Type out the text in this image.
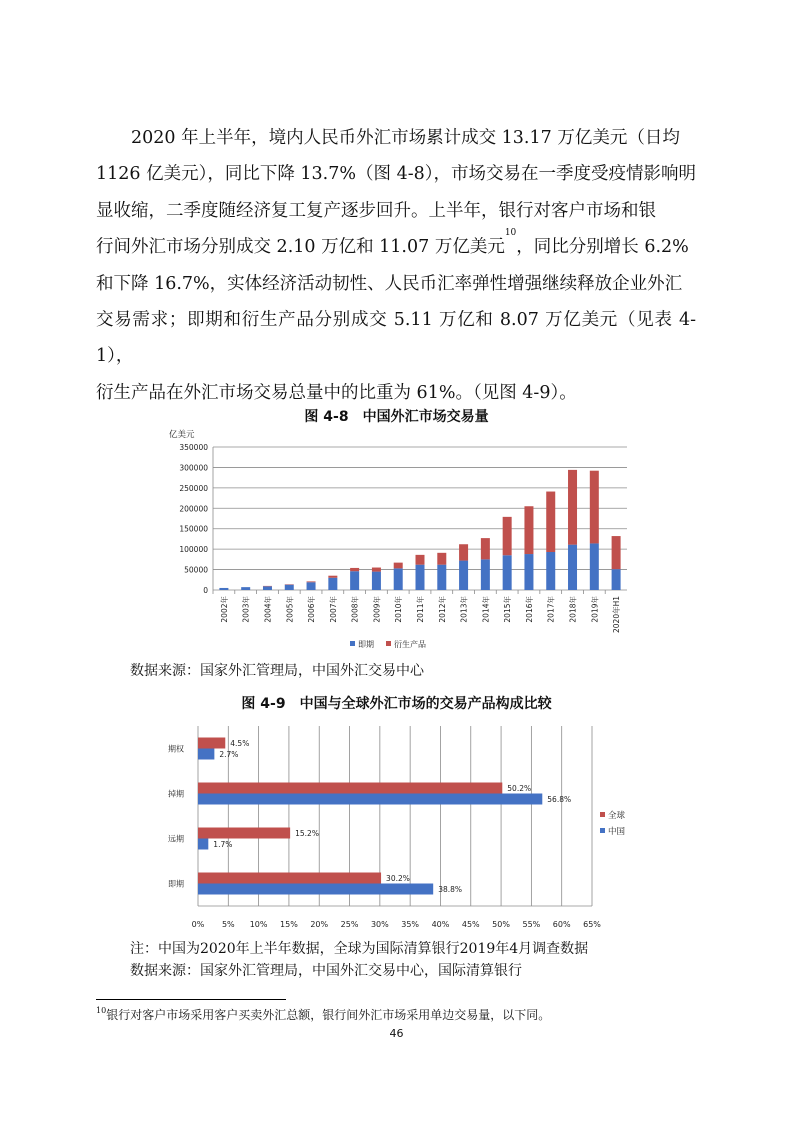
2020 年上半年，境内人民币外汇市场累计成交 13.17 万亿美元（日均
1126 亿美元），同比下降 13.7%（图 4-8），市场交易在一季度受疫情影响明
显收缩，二季度随经济复工复产逐步回升。上半年，银行对客户市场和银
行间外汇市场分别成交 2.10 万亿和 11.07 万亿美元$^{10}$，同比分别增长 6.2%
和下降 16.7%，实体经济活动韧性、人民币汇率弹性增强继续释放企业外汇
交易需求；即期和衍生产品分别成交 5.11 万亿和 8.07 万亿美元（见表 4-1），
衍生产品在外汇市场交易总量中的比重为 61%。（见图 4-9）。

图 4-8　中国外汇市场交易量
亿美元
0
50000
100000
150000
200000
250000
300000
350000
2002年 2003年 2004年 2005年 2006年 2007年 2008年 2009年 2010年 2011年 2012年 2013年 2014年 2015年 2016年 2017年 2018年 2019年 2020年H1
即期	衍生产品
数据来源：国家外汇管理局，中国外汇交易中心
图 4-9　中国与全球外汇市场的交易产品构成比较
0% 5% 10% 15% 20% 25% 30% 35% 40% 45% 50% 55% 60% 65%
期权
4.5%
2.7%
掉期
50.2%
56.8%
远期
15.2%
1.7%
即期
30.2%
38.8%
全球
中国
注：中国为2020年上半年数据，全球为国际清算银行2019年4月调查数据
数据来源：国家外汇管理局，中国外汇交易中心，国际清算银行
$^{10}$银行对客户市场采用客户买卖外汇总额，银行间外汇市场采用单边交易量，以下同。
46
